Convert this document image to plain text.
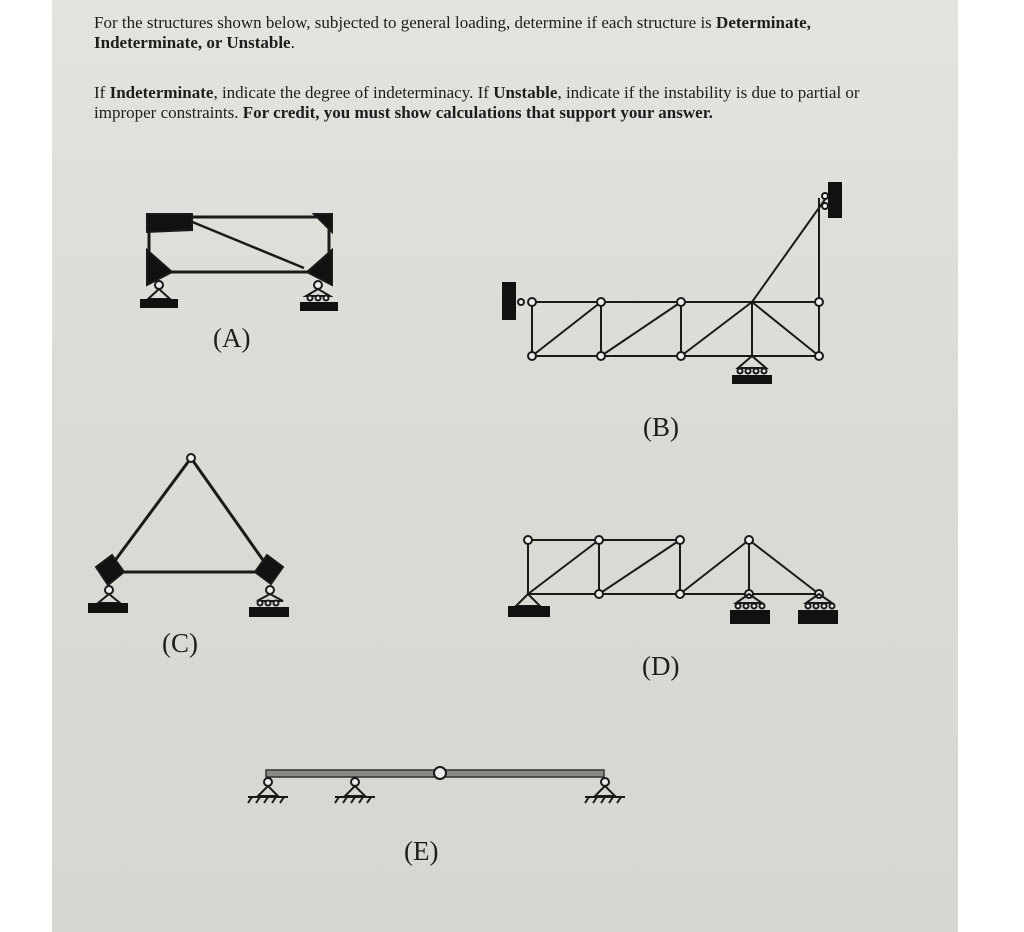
For the structures shown below, subjected to general loading, determine if each structure is Determinate, Indeterminate, or Unstable.

If Indeterminate, indicate the degree of indeterminacy. If Unstable, indicate if the instability is due to partial or improper constraints. For credit, you must show calculations that support your answer.

(A)
(B)
(C)
(D)
(E)
